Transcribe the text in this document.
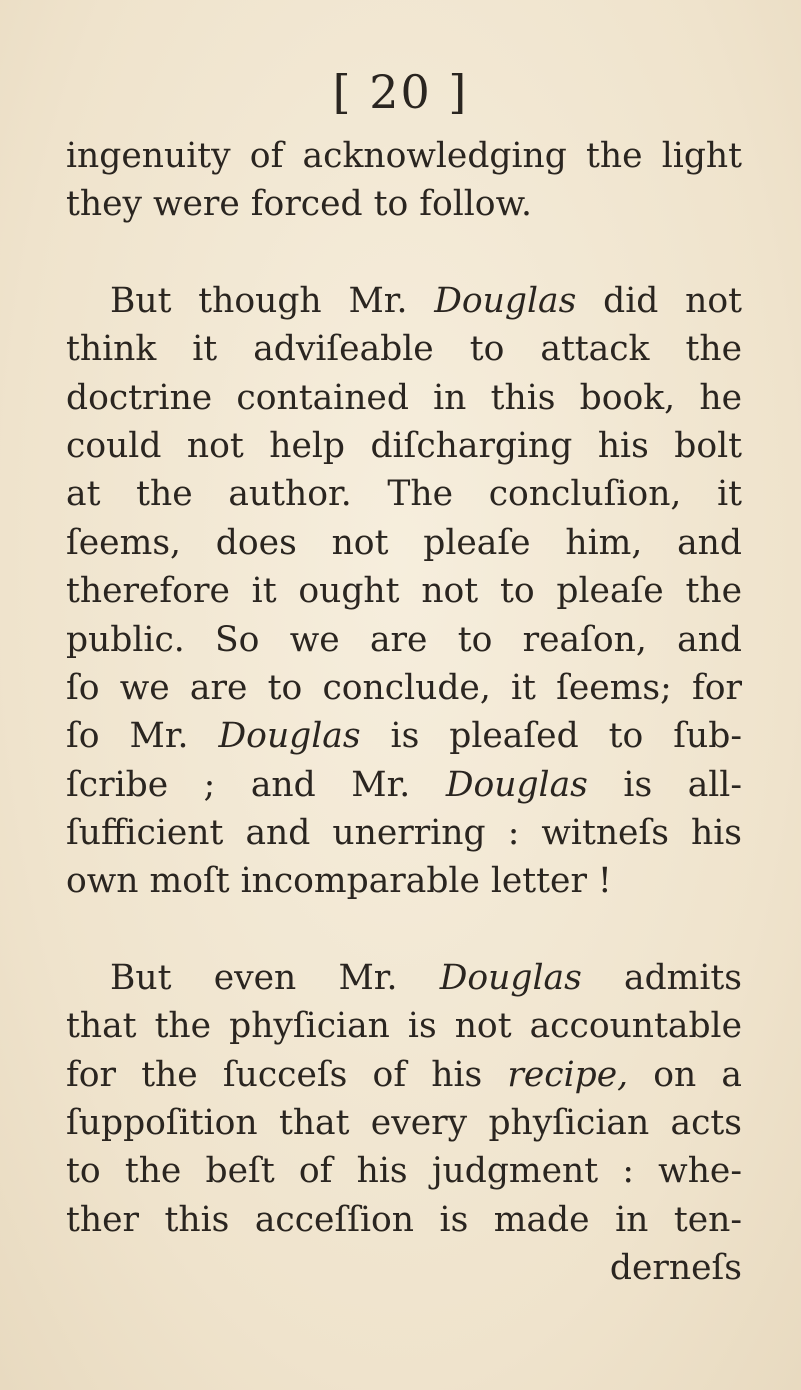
[ 20 ]
ingenuity of acknowledging the light
they were forced to follow.
But though Mr. Douglas did not
think it adviſeable to attack the
doctrine contained in this book, he
could not help diſcharging his bolt
at the author. The concluſion, it
ſeems, does not pleaſe him, and
therefore it ought not to pleaſe the
public. So we are to reaſon, and
ſo we are to conclude, it ſeems; for
ſo Mr. Douglas is pleaſed to ſub-
ſcribe ; and Mr. Douglas is all-
ſufficient and unerring : witneſs his
own moſt incomparable letter !
But even Mr. Douglas admits
that the phyſician is not accountable
for the ſucceſs of his recipe, on a
ſuppoſition that every phyſician acts
to the beſt of his judgment : whe-
ther this acceſſion is made in ten-
derneſs
